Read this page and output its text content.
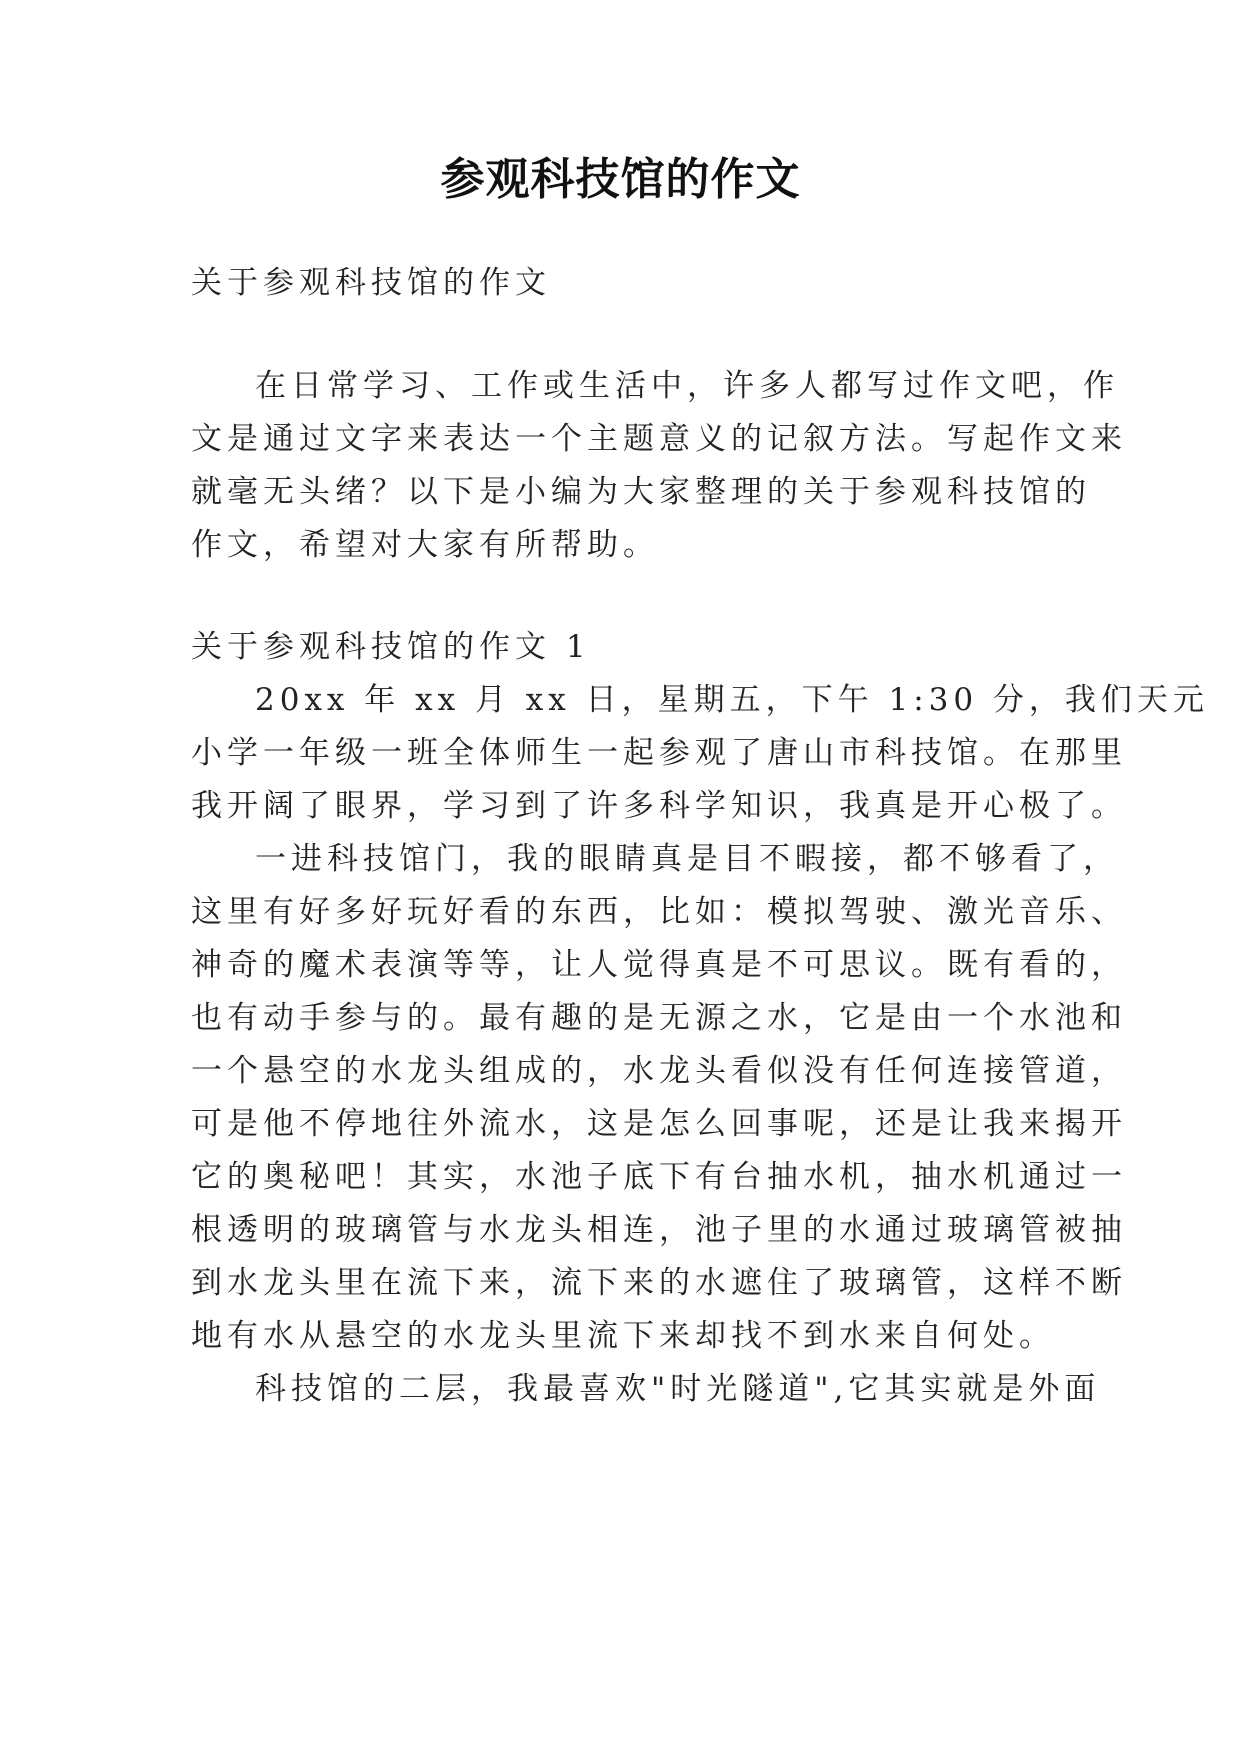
参观科技馆的作文
关于参观科技馆的作文
在日常学习、工作或生活中，许多人都写过作文吧，作
文是通过文字来表达一个主题意义的记叙方法。写起作文来
就毫无头绪？以下是小编为大家整理的关于参观科技馆的
作文，希望对大家有所帮助。
关于参观科技馆的作文 1
20xx 年 xx 月 xx 日，星期五，下午 1:30 分，我们天元
小学一年级一班全体师生一起参观了唐山市科技馆。在那里
我开阔了眼界，学习到了许多科学知识，我真是开心极了。
一进科技馆门，我的眼睛真是目不暇接，都不够看了，
这里有好多好玩好看的东西，比如：模拟驾驶、激光音乐、
神奇的魔术表演等等，让人觉得真是不可思议。既有看的，
也有动手参与的。最有趣的是无源之水，它是由一个水池和
一个悬空的水龙头组成的，水龙头看似没有任何连接管道，
可是他不停地往外流水，这是怎么回事呢，还是让我来揭开
它的奥秘吧！其实，水池子底下有台抽水机，抽水机通过一
根透明的玻璃管与水龙头相连，池子里的水通过玻璃管被抽
到水龙头里在流下来，流下来的水遮住了玻璃管，这样不断
地有水从悬空的水龙头里流下来却找不到水来自何处。
科技馆的二层，我最喜欢"时光隧道",它其实就是外面
